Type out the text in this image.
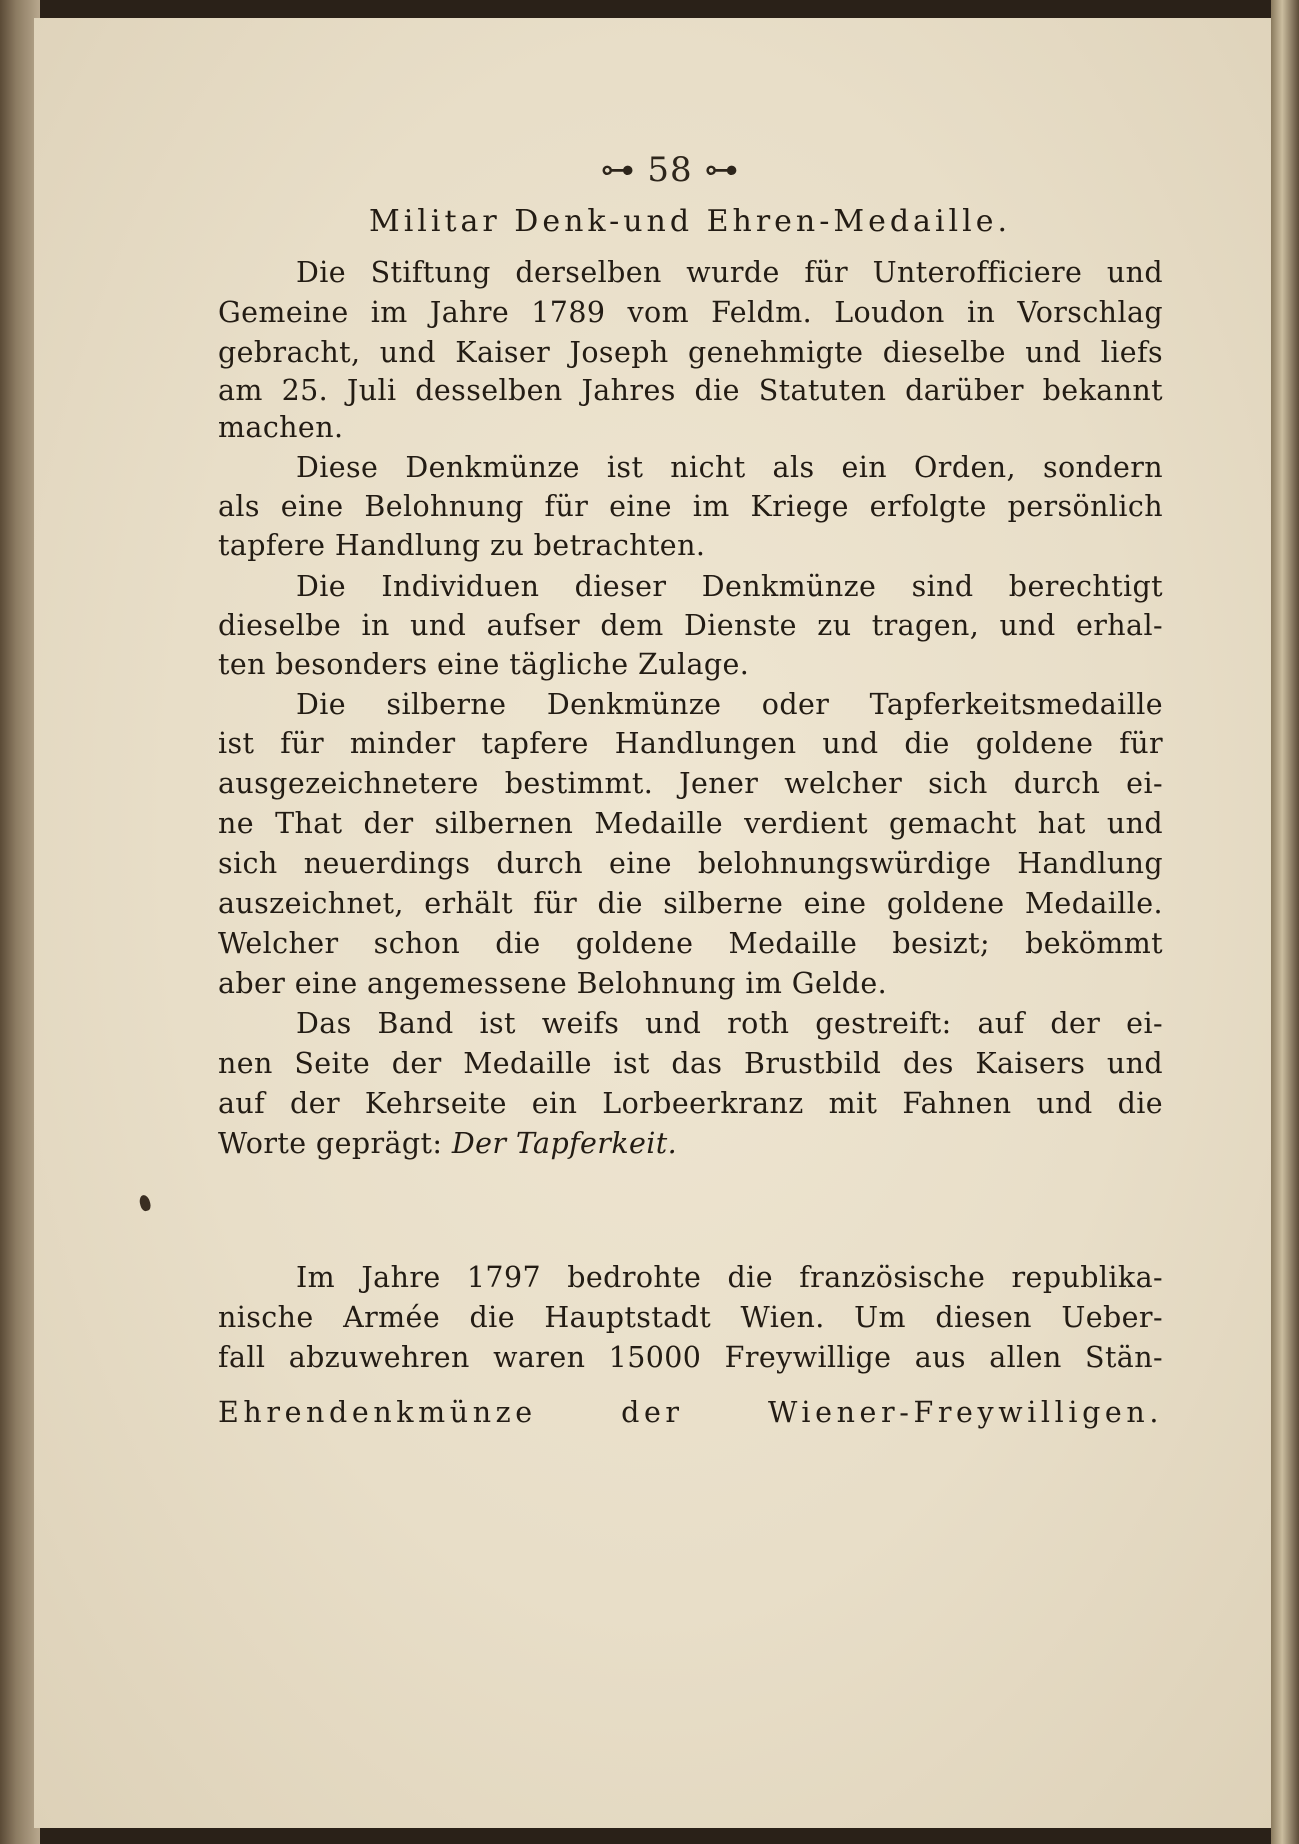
⊶ 58 ⊶
Militar Denk-und Ehren-Medaille.
Die Stiftung derselben wurde für Unterofficiere und
Gemeine im Jahre 1789 vom Feldm. Loudon in Vorschlag
gebracht, und Kaiser Joseph genehmigte dieselbe und liefs
am 25. Juli desselben Jahres die Statuten darüber bekannt
machen.
Diese Denkmünze ist nicht als ein Orden, sondern
als eine Belohnung für eine im Kriege erfolgte persönlich
tapfere Handlung zu betrachten.
Die Individuen dieser Denkmünze sind berechtigt
dieselbe in und aufser dem Dienste zu tragen, und erhal-
ten besonders eine tägliche Zulage.
Die silberne Denkmünze oder Tapferkeitsmedaille
ist für minder tapfere Handlungen und die goldene für
ausgezeichnetere bestimmt. Jener welcher sich durch ei-
ne That der silbernen Medaille verdient gemacht hat und
sich neuerdings durch eine belohnungswürdige Handlung
auszeichnet, erhält für die silberne eine goldene Medaille.
Welcher schon die goldene Medaille besizt; bekömmt
aber eine angemessene Belohnung im Gelde.
Das Band ist weifs und roth gestreift: auf der ei-
nen Seite der Medaille ist das Brustbild des Kaisers und
auf der Kehrseite ein Lorbeerkranz mit Fahnen und die
Worte geprägt: Der Tapferkeit.
Im Jahre 1797 bedrohte die französische republika-
nische Armée die Hauptstadt Wien. Um diesen Ueber-
fall abzuwehren waren 15000 Freywillige aus allen Stän-
Ehrendenkmünze der Wiener-Freywilligen.
